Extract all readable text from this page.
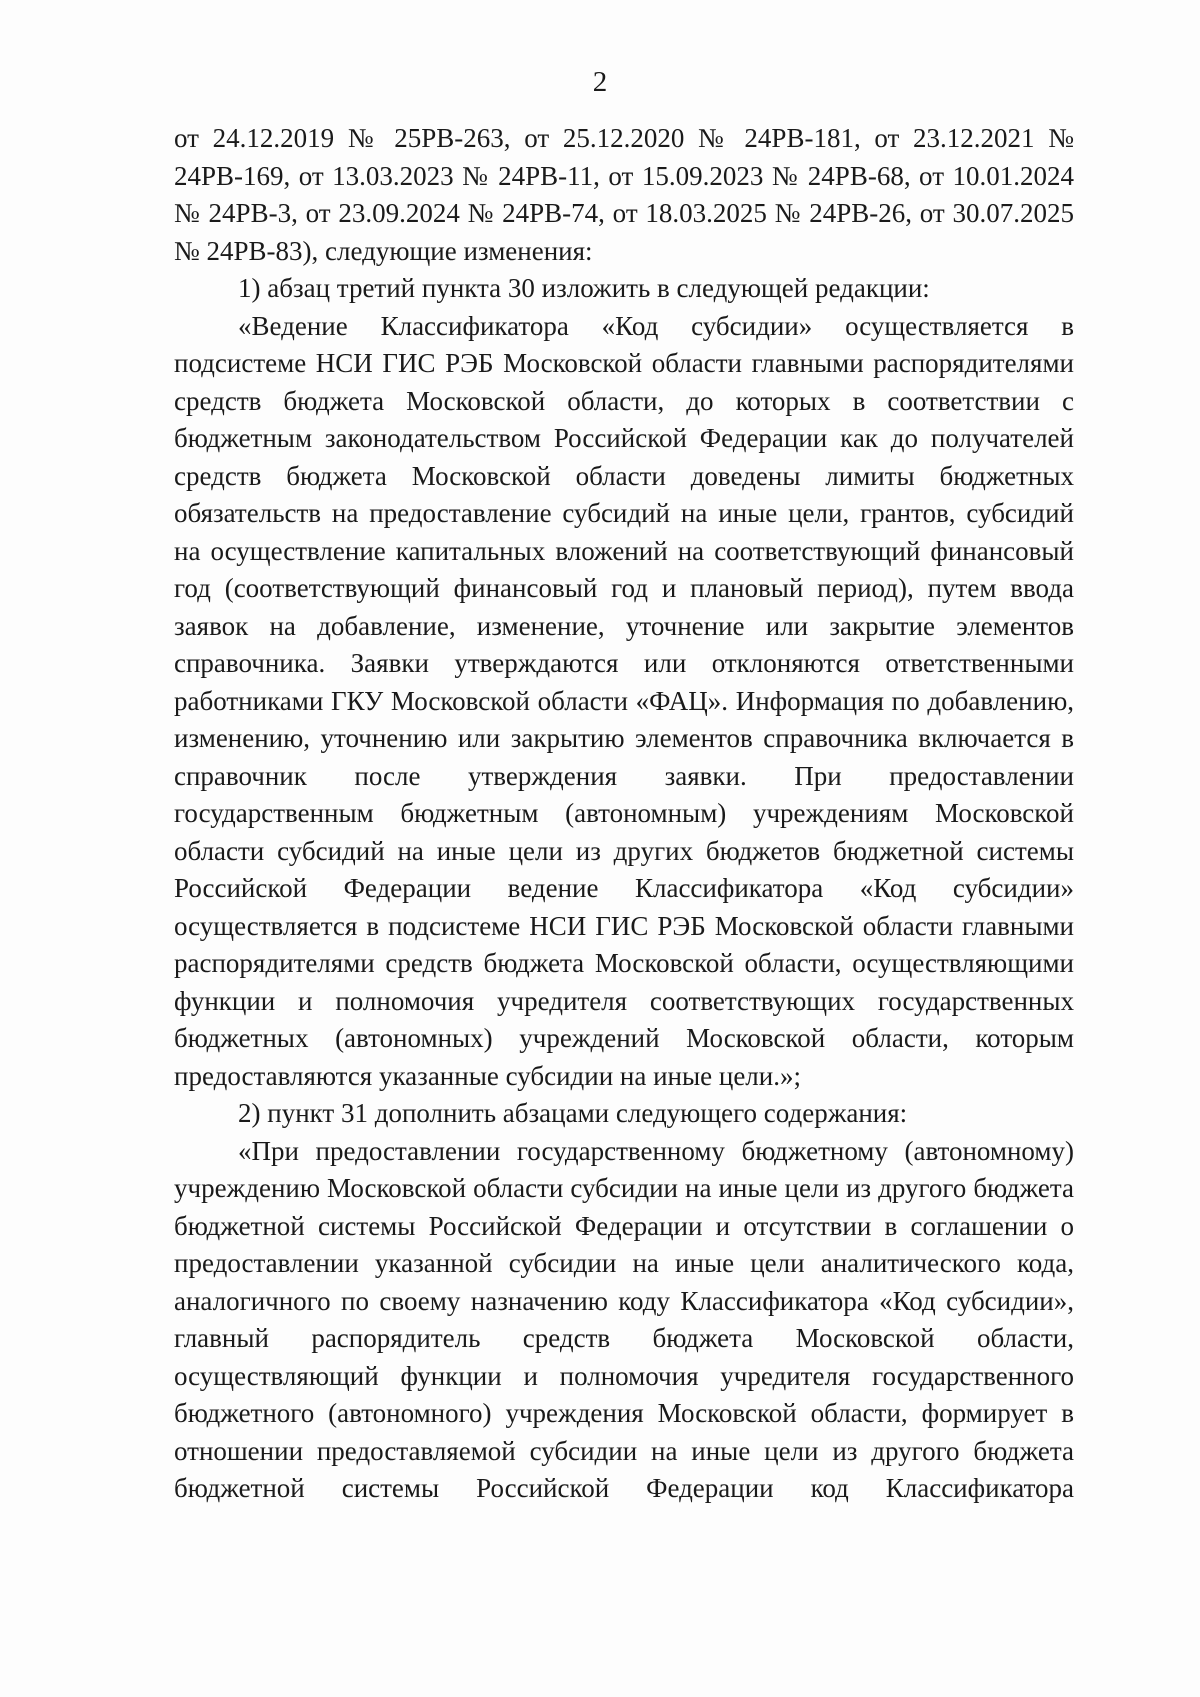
2

от 24.12.2019 № 25РВ-263, от 25.12.2020 № 24РВ-181, от 23.12.2021 № 24РВ-169, от 13.03.2023 № 24РВ-11, от 15.09.2023 № 24РВ-68, от 10.01.2024 № 24РВ-3, от 23.09.2024 № 24РВ-74, от 18.03.2025 № 24РВ-26, от 30.07.2025 № 24РВ-83), следующие изменения:

1) абзац третий пункта 30 изложить в следующей редакции:

«Ведение Классификатора «Код субсидии» осуществляется в подсистеме НСИ ГИС РЭБ Московской области главными распорядителями средств бюджета Московской области, до которых в соответствии с бюджетным законодательством Российской Федерации как до получателей средств бюджета Московской области доведены лимиты бюджетных обязательств на предоставление субсидий на иные цели, грантов, субсидий на осуществление капитальных вложений на соответствующий финансовый год (соответствующий финансовый год и плановый период), путем ввода заявок на добавление, изменение, уточнение или закрытие элементов справочника. Заявки утверждаются или отклоняются ответственными работниками ГКУ Московской области «ФАЦ». Информация по добавлению, изменению, уточнению или закрытию элементов справочника включается в справочник после утверждения заявки. При предоставлении государственным бюджетным (автономным) учреждениям Московской области субсидий на иные цели из других бюджетов бюджетной системы Российской Федерации ведение Классификатора «Код субсидии» осуществляется в подсистеме НСИ ГИС РЭБ Московской области главными распорядителями средств бюджета Московской области, осуществляющими функции и полномочия учредителя соответствующих государственных бюджетных (автономных) учреждений Московской области, которым предоставляются указанные субсидии на иные цели.»;

2) пункт 31 дополнить абзацами следующего содержания:

«При предоставлении государственному бюджетному (автономному) учреждению Московской области субсидии на иные цели из другого бюджета бюджетной системы Российской Федерации и отсутствии в соглашении о предоставлении указанной субсидии на иные цели аналитического кода, аналогичного по своему назначению коду Классификатора «Код субсидии», главный распорядитель средств бюджета Московской области, осуществляющий функции и полномочия учредителя государственного бюджетного (автономного) учреждения Московской области, формирует в отношении предоставляемой субсидии на иные цели из другого бюджета бюджетной системы Российской Федерации код Классификатора
